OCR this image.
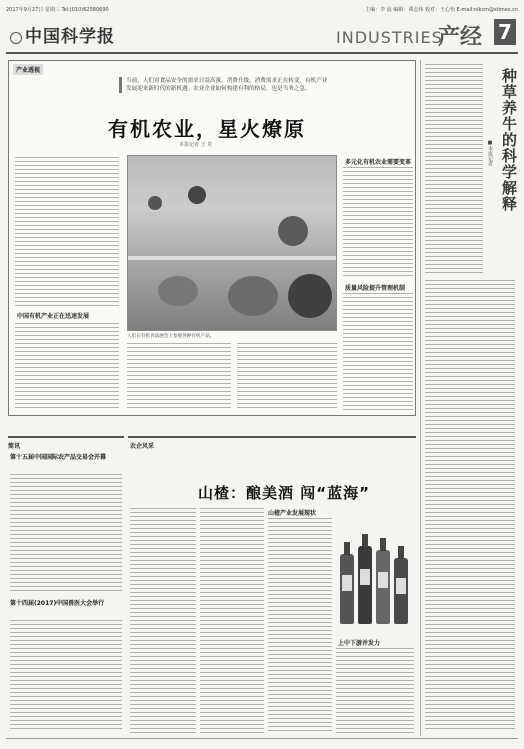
2017年9月27日 星期三 Tel:(010)62580690	主编：李 晨 编辑：谭志伟 校对：王心怡 E-mail:nikcm@stimes.cn
中国科学报	INDUSTRIES
产经 7
产业透视
当前，人们对食品安全的需求日益高涨，消费升级，消费需求正在转变，有机产业发展迎来新时代的新机遇。农业企业如何构建有利的格局，也是当务之急。
有机农业，星火燎原
本报记者 王 贵
中国有机产业正在迅速发展
人们在有机食品展会上参观各种有机产品。
多元化有机农业需要变革
质量风险提升管理机制
种草养牛的科学解释
■本报记者
简讯
第十五届中国国际农产品交易会开幕
第十四届(2017)中国兽医大会举行
农企风采
山楂：酿美酒 闯“蓝海”
山楂产业发展现状
上中下游并发力
